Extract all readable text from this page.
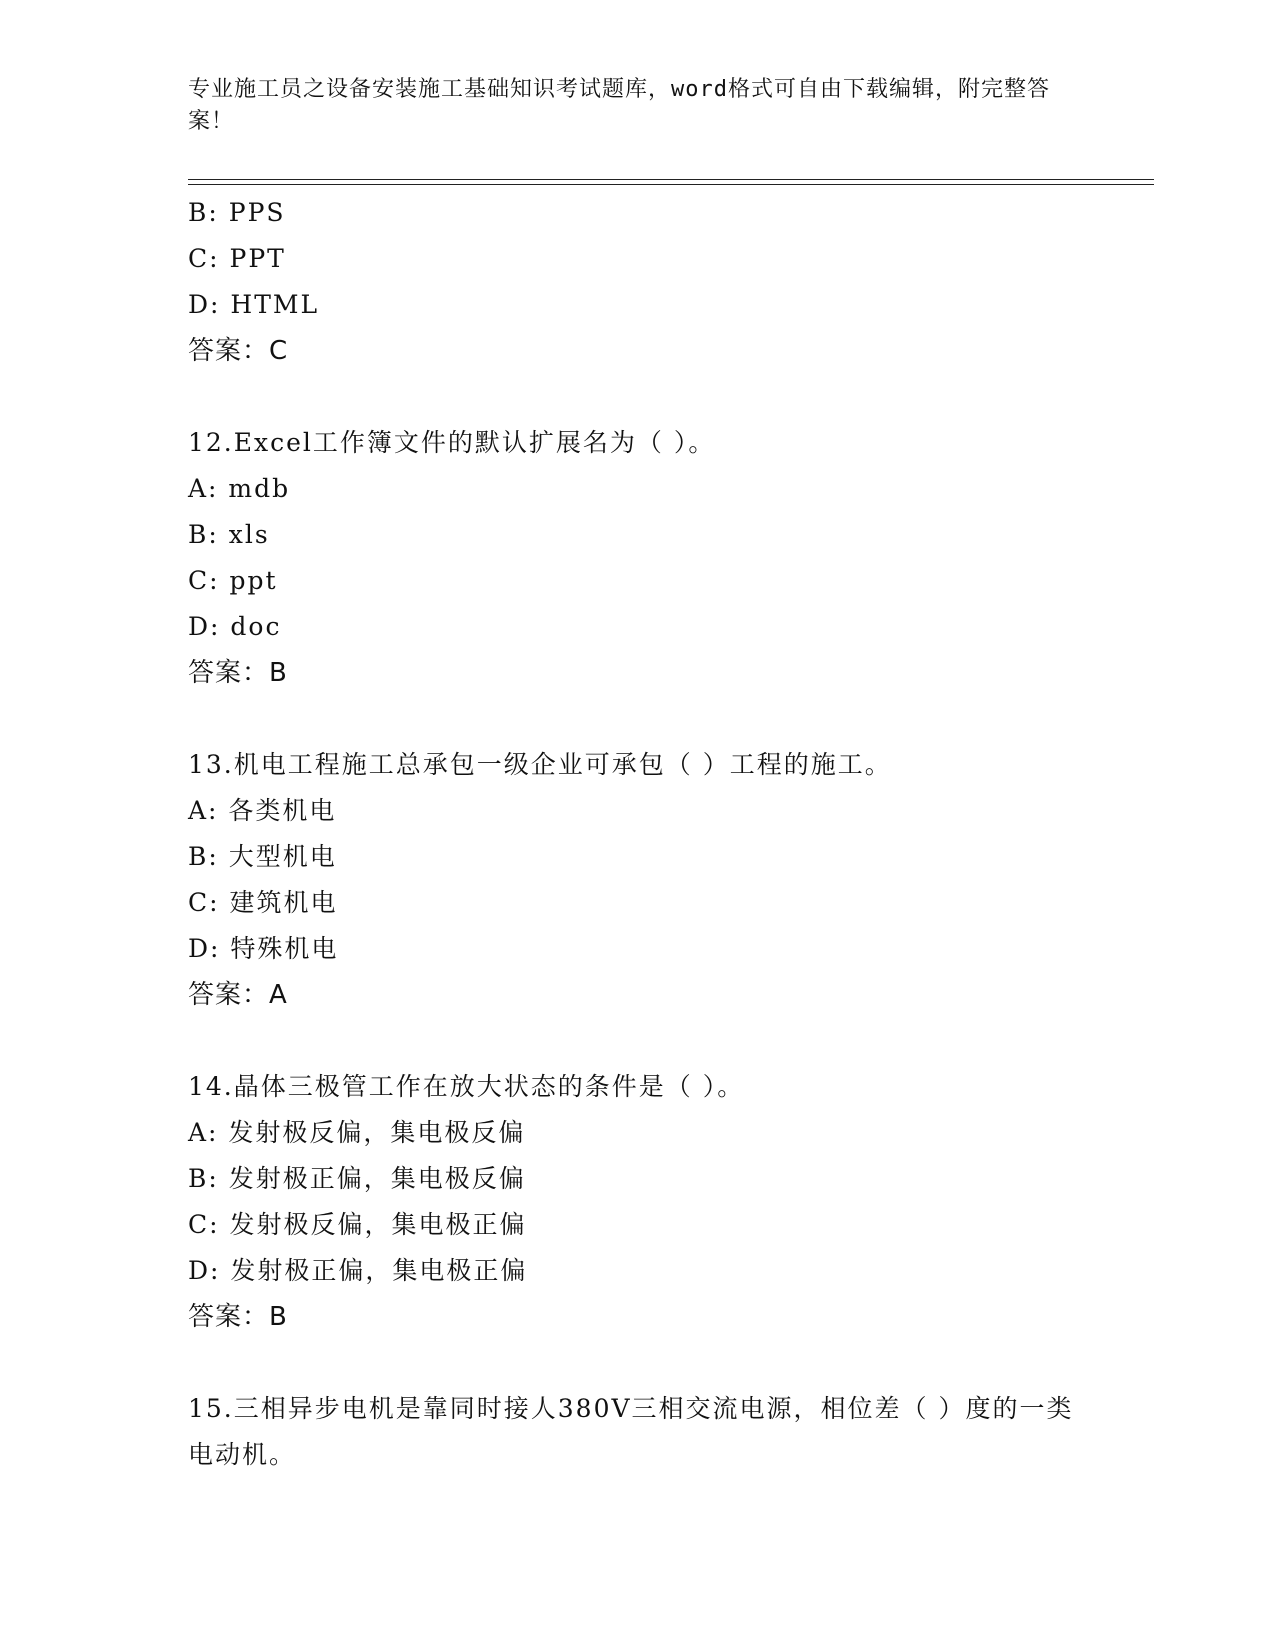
专业施工员之设备安装施工基础知识考试题库，word格式可自由下载编辑，附完整答案！
B: PPS
C: PPT
D: HTML
答案：C
12.Excel工作簿文件的默认扩展名为（ ）。
A: mdb
B: xls
C: ppt
D: doc
答案：B
13.机电工程施工总承包一级企业可承包（ ）工程的施工。
A: 各类机电
B: 大型机电
C: 建筑机电
D: 特殊机电
答案：A
14.晶体三极管工作在放大状态的条件是（ ）。
A: 发射极反偏，集电极反偏
B: 发射极正偏，集电极反偏
C: 发射极反偏，集电极正偏
D: 发射极正偏，集电极正偏
答案：B
15.三相异步电机是靠同时接人380V三相交流电源，相位差（ ）度的一类电动机。
